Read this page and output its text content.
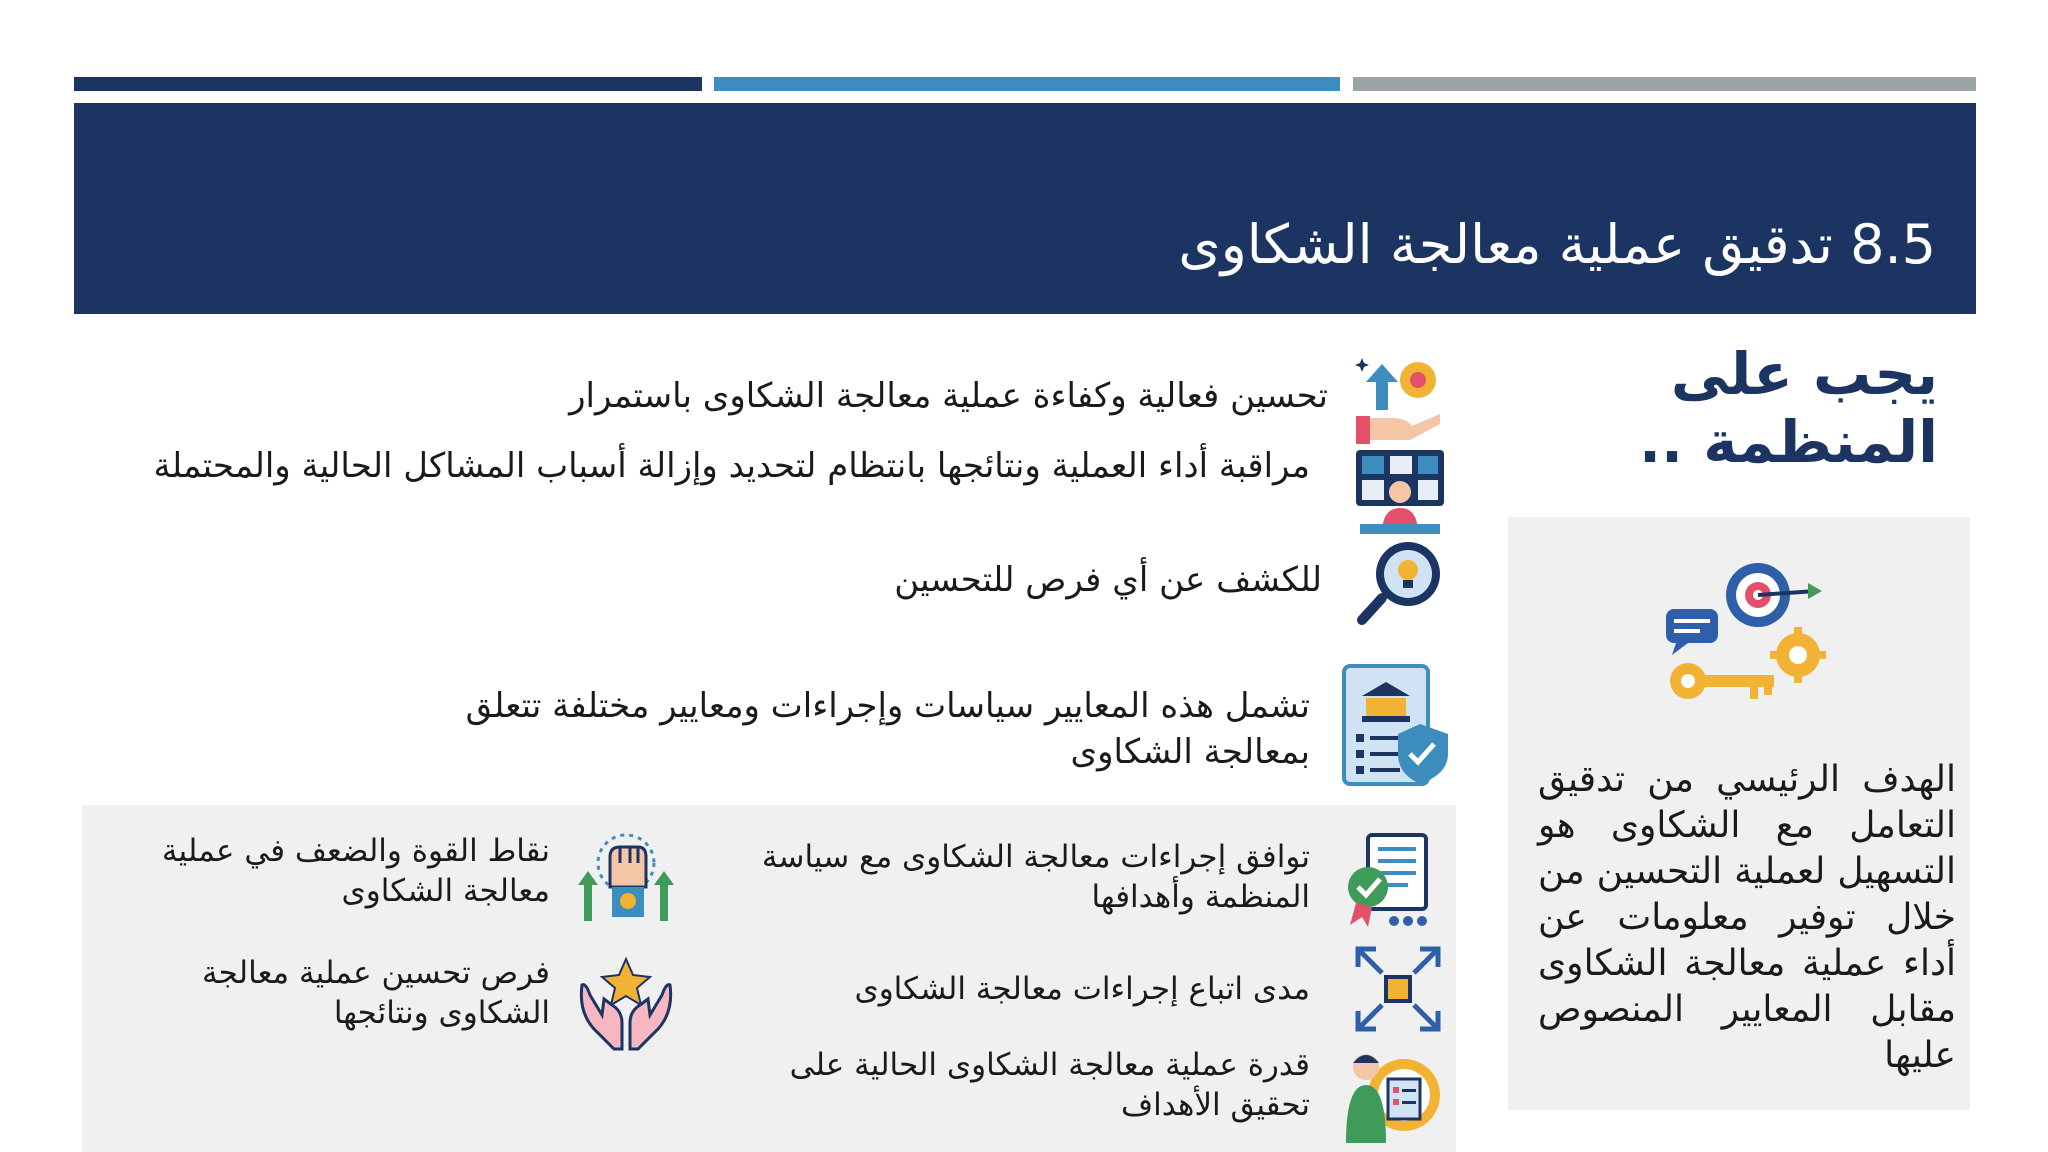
8.5 تدقيق عملية معالجة الشكاوى
يجب على المنظمة ..

الهدف الرئيسي من تدقيق التعامل مع الشكاوى هو التسهيل لعملية التحسين من خلال توفير معلومات عن أداء عملية معالجة الشكاوى مقابل المعايير المنصوص عليها

تحسين فعالية وكفاءة عملية معالجة الشكاوى باستمرار

مراقبة أداء العملية ونتائجها بانتظام لتحديد وإزالة أسباب المشاكل الحالية والمحتملة

للكشف عن أي فرص للتحسين

تشمل هذه المعايير سياسات وإجراءات ومعايير مختلفة تتعلق بمعالجة الشكاوى

توافق إجراءات معالجة الشكاوى مع سياسة المنظمة وأهدافها

مدى اتباع إجراءات معالجة الشكاوى

قدرة عملية معالجة الشكاوى الحالية على تحقيق الأهداف

نقاط القوة والضعف في عملية معالجة الشكاوى

فرص تحسين عملية معالجة الشكاوى ونتائجها
